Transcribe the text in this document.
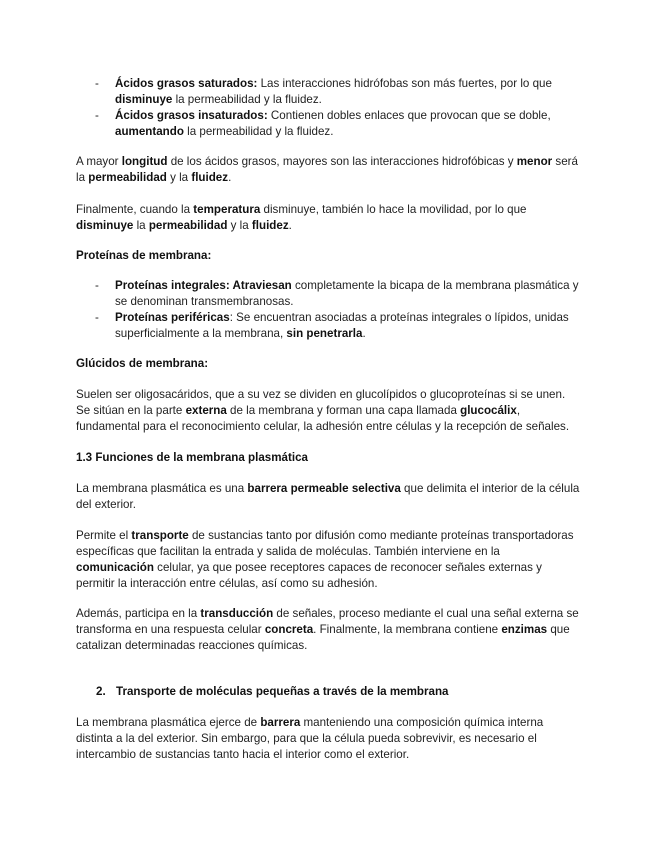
- Ácidos grasos saturados: Las interacciones hidrófobas son más fuertes, por lo que disminuye la permeabilidad y la fluidez.
- Ácidos grasos insaturados: Contienen dobles enlaces que provocan que se doble, aumentando la permeabilidad y la fluidez.

A mayor longitud de los ácidos grasos, mayores son las interacciones hidrofóbicas y menor será la permeabilidad y la fluidez.

Finalmente, cuando la temperatura disminuye, también lo hace la movilidad, por lo que disminuye la permeabilidad y la fluidez.

Proteínas de membrana:

- Proteínas integrales: Atraviesan completamente la bicapa de la membrana plasmática y se denominan transmembranosas.
- Proteínas periféricas: Se encuentran asociadas a proteínas integrales o lípidos, unidas superficialmente a la membrana, sin penetrarla.

Glúcidos de membrana:

Suelen ser oligosacáridos, que a su vez se dividen en glucolípidos o glucoproteínas si se unen. Se sitúan en la parte externa de la membrana y forman una capa llamada glucocálix, fundamental para el reconocimiento celular, la adhesión entre células y la recepción de señales.

1.3 Funciones de la membrana plasmática

La membrana plasmática es una barrera permeable selectiva que delimita el interior de la célula del exterior.

Permite el transporte de sustancias tanto por difusión como mediante proteínas transportadoras específicas que facilitan la entrada y salida de moléculas. También interviene en la comunicación celular, ya que posee receptores capaces de reconocer señales externas y permitir la interacción entre células, así como su adhesión.

Además, participa en la transducción de señales, proceso mediante el cual una señal externa se transforma en una respuesta celular concreta. Finalmente, la membrana contiene enzimas que catalizan determinadas reacciones químicas.

2. Transporte de moléculas pequeñas a través de la membrana

La membrana plasmática ejerce de barrera manteniendo una composición química interna distinta a la del exterior. Sin embargo, para que la célula pueda sobrevivir, es necesario el intercambio de sustancias tanto hacia el interior como el exterior.
